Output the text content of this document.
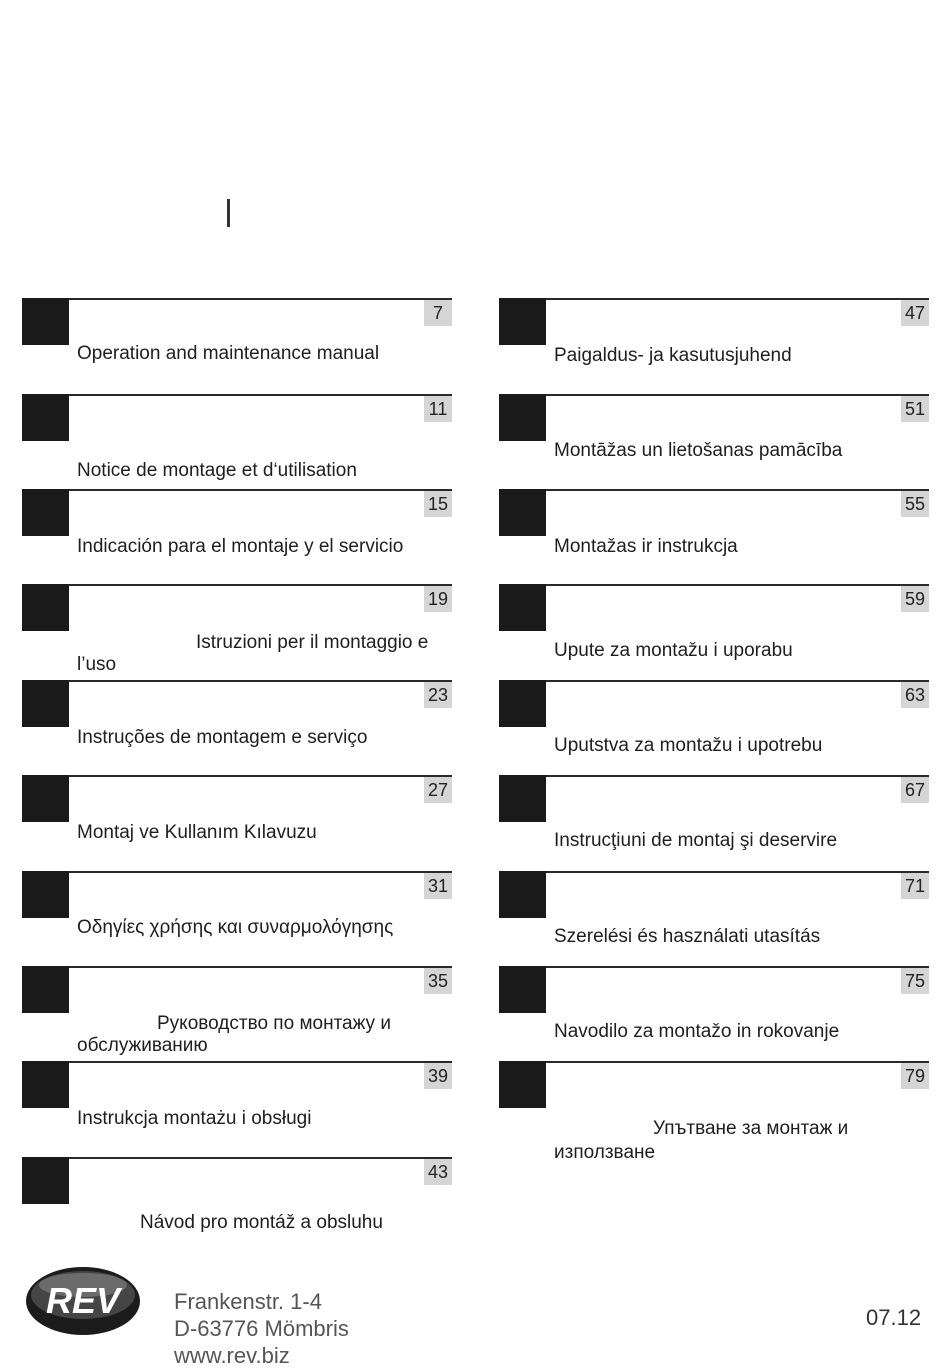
7
Operation and maintenance manual
11
Notice de montage et d‘utilisation
15
Indicación para el montaje y el servicio
19
Istruzioni per il montaggio e l’uso
23
Instruções de montagem e serviço
27
Montaj ve Kullanım Kılavuzu
31
Οδηγίες χρήσης και συναρμολόγησης
35
Руководство по монтажу и обслуживанию
39
Instrukcja montażu i obsługi
43
Návod pro montáž a obsluhu
47
Paigaldus- ja kasutusjuhend
51
Montāžas un lietošanas pamācība
55
Montažas ir instrukcja
59
Upute za montažu i uporabu
63
Uputstva za montažu i upotrebu
67
Instrucţiuni de montaj şi deservire
71
Szerelési és használati utasítás
75
Navodilo za montažo in rokovanje
79
Упътване за монтаж и използване
REV Frankenstr. 1-4
D-63776 Mömbris
www.rev.biz
07.12
